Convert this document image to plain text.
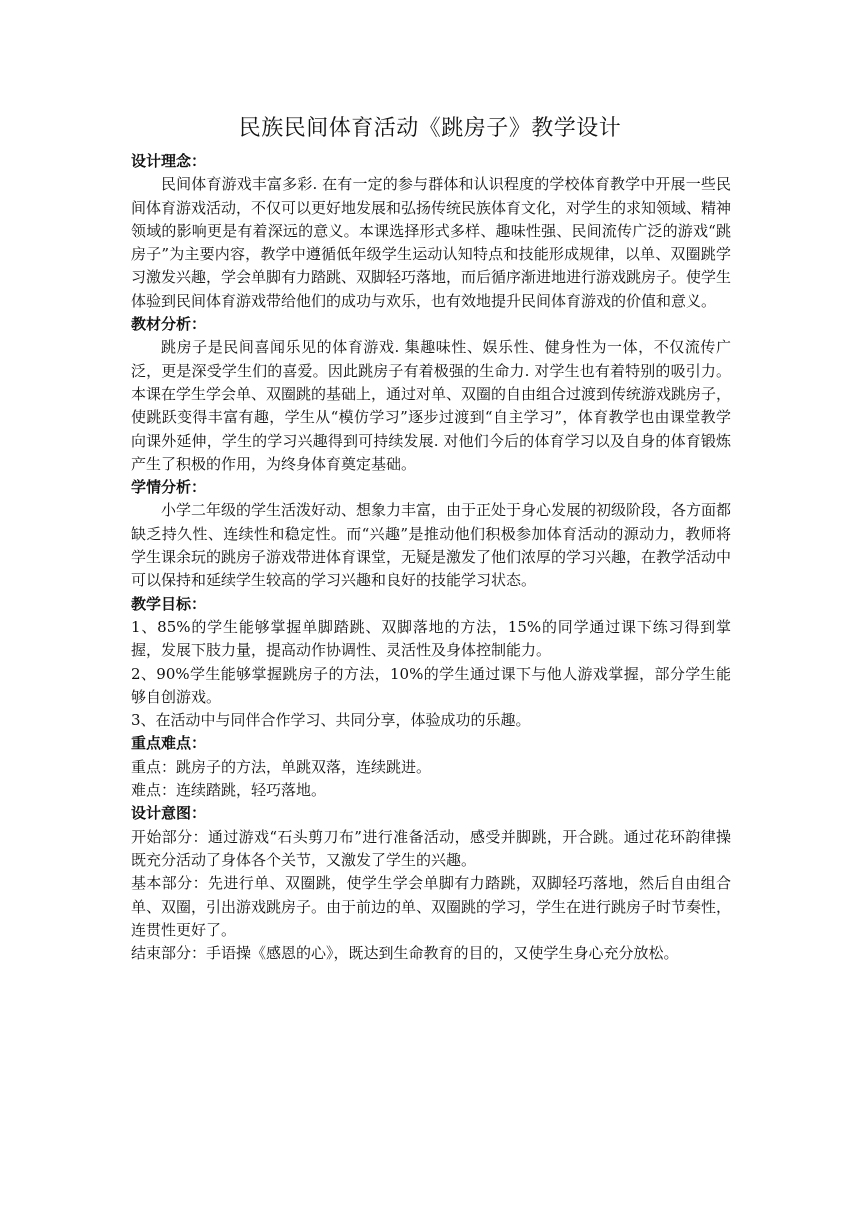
民族民间体育活动《跳房子》教学设计

设计理念：

民间体育游戏丰富多彩. 在有一定的参与群体和认识程度的学校体育教学中开展一些民间体育游戏活动，不仅可以更好地发展和弘扬传统民族体育文化，对学生的求知领域、精神领域的影响更是有着深远的意义。本课选择形式多样、趣味性强、民间流传广泛的游戏“跳房子”为主要内容，教学中遵循低年级学生运动认知特点和技能形成规律，以单、双圈跳学习激发兴趣，学会单脚有力踏跳、双脚轻巧落地，而后循序渐进地进行游戏跳房子。使学生体验到民间体育游戏带给他们的成功与欢乐，也有效地提升民间体育游戏的价值和意义。

教材分析：

跳房子是民间喜闻乐见的体育游戏. 集趣味性、娱乐性、健身性为一体，不仅流传广泛，更是深受学生们的喜爱。因此跳房子有着极强的生命力. 对学生也有着特别的吸引力。本课在学生学会单、双圈跳的基础上，通过对单、双圈的自由组合过渡到传统游戏跳房子，使跳跃变得丰富有趣，学生从“模仿学习”逐步过渡到“自主学习”，体育教学也由课堂教学向课外延伸，学生的学习兴趣得到可持续发展. 对他们今后的体育学习以及自身的体育锻炼产生了积极的作用，为终身体育奠定基础。

学情分析：

小学二年级的学生活泼好动、想象力丰富，由于正处于身心发展的初级阶段，各方面都缺乏持久性、连续性和稳定性。而“兴趣”是推动他们积极参加体育活动的源动力，教师将学生课余玩的跳房子游戏带进体育课堂，无疑是激发了他们浓厚的学习兴趣，在教学活动中可以保持和延续学生较高的学习兴趣和良好的技能学习状态。

教学目标：

1、85%的学生能够掌握单脚踏跳、双脚落地的方法，15%的同学通过课下练习得到掌握，发展下肢力量，提高动作协调性、灵活性及身体控制能力。

2、90%学生能够掌握跳房子的方法，10%的学生通过课下与他人游戏掌握，部分学生能够自创游戏。

3、在活动中与同伴合作学习、共同分享，体验成功的乐趣。

重点难点：

重点：跳房子的方法，单跳双落，连续跳进。

难点：连续踏跳，轻巧落地。

设计意图：

开始部分：通过游戏“石头剪刀布”进行准备活动，感受并脚跳，开合跳。通过花环韵律操既充分活动了身体各个关节，又激发了学生的兴趣。

基本部分：先进行单、双圈跳，使学生学会单脚有力踏跳，双脚轻巧落地，然后自由组合单、双圈，引出游戏跳房子。由于前边的单、双圈跳的学习，学生在进行跳房子时节奏性，连贯性更好了。

结束部分：手语操《感恩的心》，既达到生命教育的目的，又使学生身心充分放松。
